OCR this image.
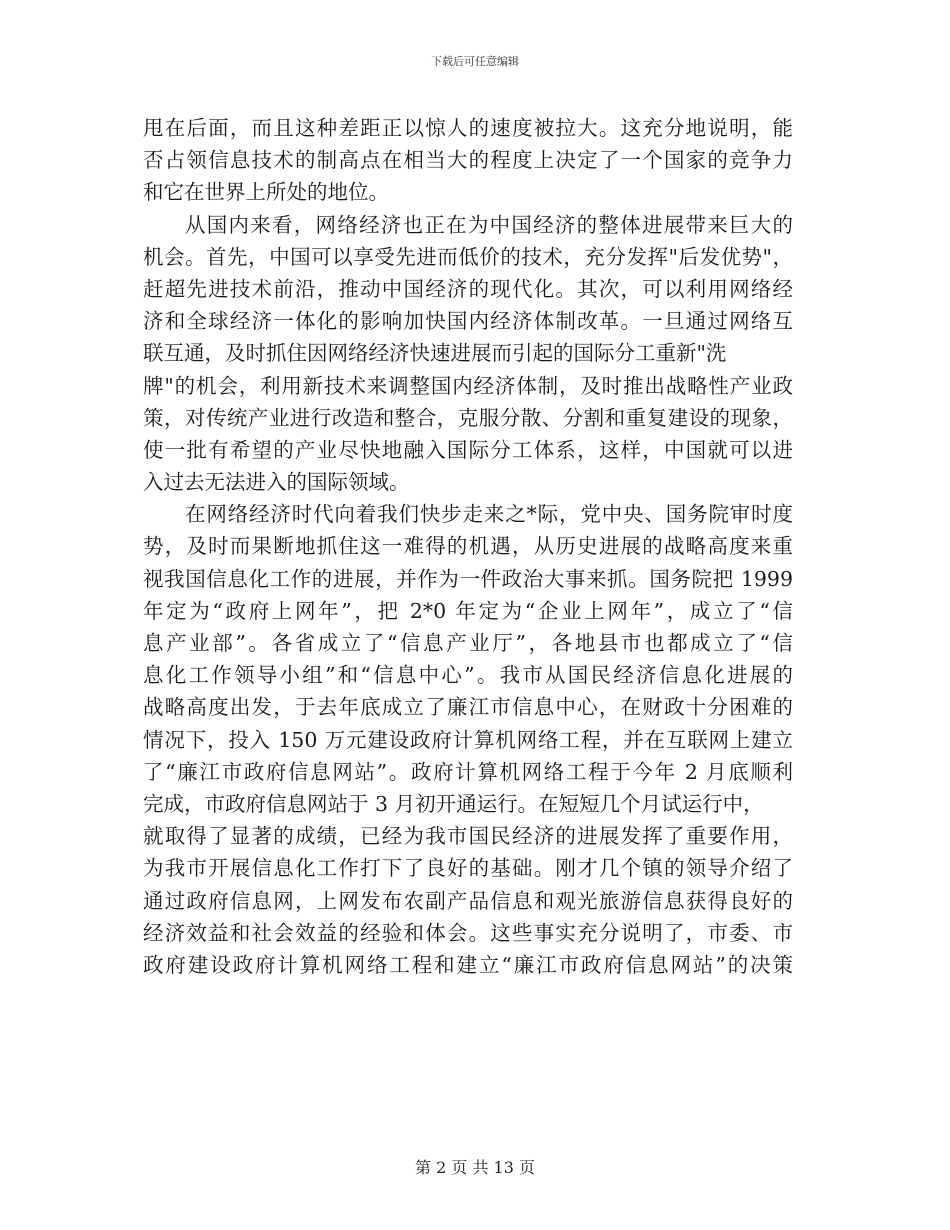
下载后可任意编辑
甩在后面，而且这种差距正以惊人的速度被拉大。这充分地说明，能
否占领信息技术的制高点在相当大的程度上决定了一个国家的竞争力
和它在世界上所处的地位。
从国内来看，网络经济也正在为中国经济的整体进展带来巨大的
机会。首先，中国可以享受先进而低价的技术，充分发挥"后发优势"，
赶超先进技术前沿，推动中国经济的现代化。其次，可以利用网络经
济和全球经济一体化的影响加快国内经济体制改革。一旦通过网络互
联互通，及时抓住因网络经济快速进展而引起的国际分工重新"洗
牌"的机会，利用新技术来调整国内经济体制，及时推出战略性产业政
策，对传统产业进行改造和整合，克服分散、分割和重复建设的现象，
使一批有希望的产业尽快地融入国际分工体系，这样，中国就可以进
入过去无法进入的国际领域。
在网络经济时代向着我们快步走来之*际，党中央、国务院审时度
势，及时而果断地抓住这一难得的机遇，从历史进展的战略高度来重
视我国信息化工作的进展，并作为一件政治大事来抓。国务院把 1999
年定为“政府上网年”，把 2*0 年定为“企业上网年”，成立了“信
息产业部”。各省成立了“信息产业厅”，各地县市也都成立了“信
息化工作领导小组”和“信息中心”。我市从国民经济信息化进展的
战略高度出发，于去年底成立了廉江市信息中心，在财政十分困难的
情况下，投入 150 万元建设政府计算机网络工程，并在互联网上建立
了“廉江市政府信息网站”。政府计算机网络工程于今年 2 月底顺利
完成，市政府信息网站于 3 月初开通运行。在短短几个月试运行中，
就取得了显著的成绩，已经为我市国民经济的进展发挥了重要作用，
为我市开展信息化工作打下了良好的基础。刚才几个镇的领导介绍了
通过政府信息网，上网发布农副产品信息和观光旅游信息获得良好的
经济效益和社会效益的经验和体会。这些事实充分说明了，市委、市
政府建设政府计算机网络工程和建立“廉江市政府信息网站”的决策
第 2 页 共 13 页
